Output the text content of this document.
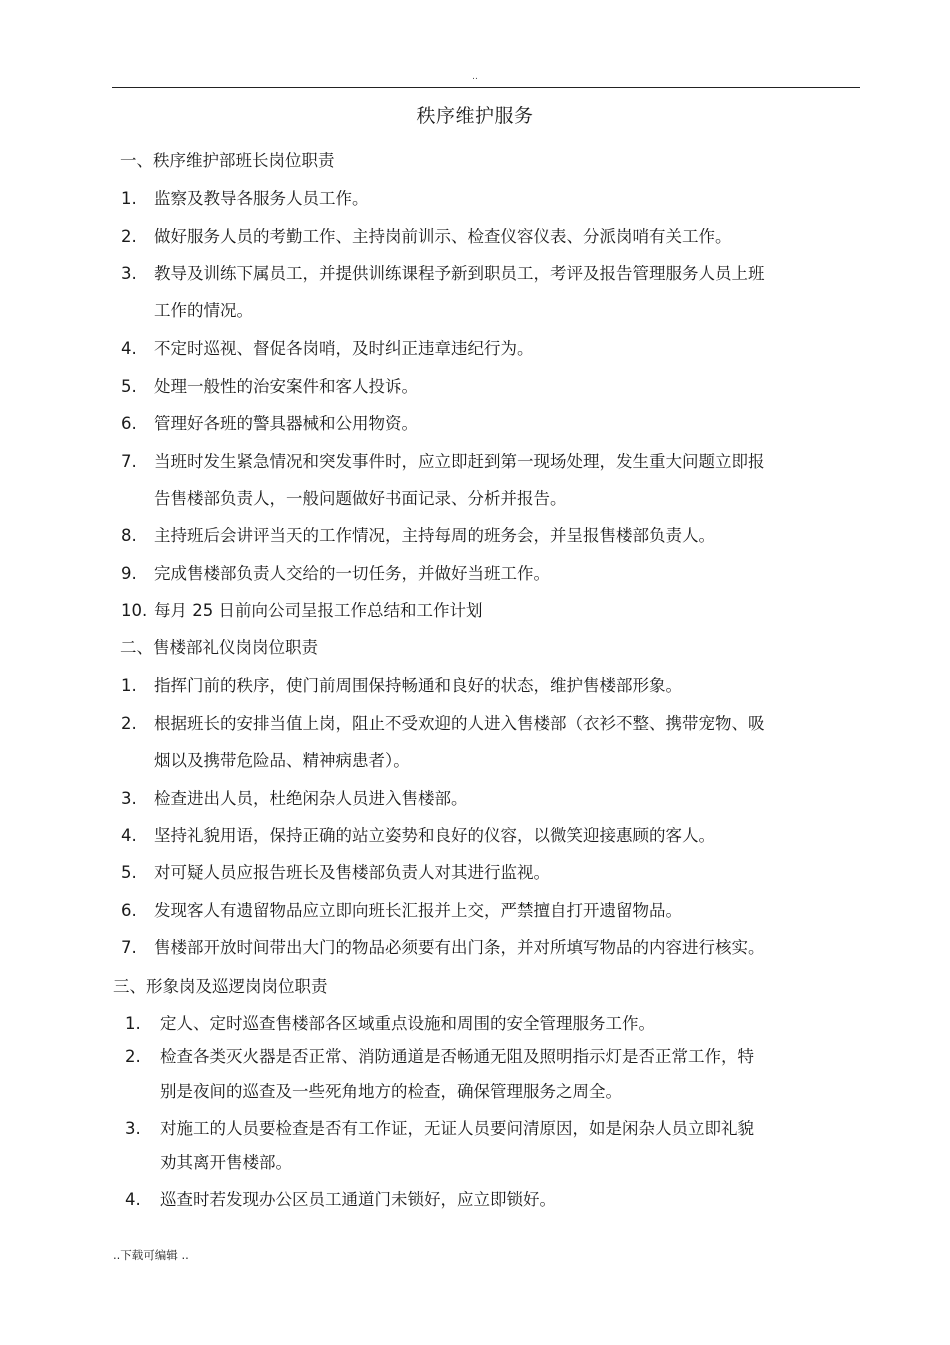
..
秩序维护服务
一、秩序维护部班长岗位职责
1. 监察及教导各服务人员工作。
2. 做好服务人员的考勤工作、主持岗前训示、检查仪容仪表、分派岗哨有关工作。
3. 教导及训练下属员工，并提供训练课程予新到职员工，考评及报告管理服务人员上班
工作的情况。
4. 不定时巡视、督促各岗哨，及时纠正违章违纪行为。
5. 处理一般性的治安案件和客人投诉。
6. 管理好各班的警具器械和公用物资。
7. 当班时发生紧急情况和突发事件时，应立即赶到第一现场处理，发生重大问题立即报
告售楼部负责人，一般问题做好书面记录、分析并报告。
8. 主持班后会讲评当天的工作情况，主持每周的班务会，并呈报售楼部负责人。
9. 完成售楼部负责人交给的一切任务，并做好当班工作。
10. 每月 25 日前向公司呈报工作总结和工作计划
二、售楼部礼仪岗岗位职责
1. 指挥门前的秩序，使门前周围保持畅通和良好的状态，维护售楼部形象。
2. 根据班长的安排当值上岗，阻止不受欢迎的人进入售楼部（衣衫不整、携带宠物、吸
烟以及携带危险品、精神病患者）。
3. 检查进出人员，杜绝闲杂人员进入售楼部。
4. 坚持礼貌用语，保持正确的站立姿势和良好的仪容，以微笑迎接惠顾的客人。
5. 对可疑人员应报告班长及售楼部负责人对其进行监视。
6. 发现客人有遗留物品应立即向班长汇报并上交，严禁擅自打开遗留物品。
7. 售楼部开放时间带出大门的物品必须要有出门条，并对所填写物品的内容进行核实。
三、形象岗及巡逻岗岗位职责
1. 定人、定时巡查售楼部各区域重点设施和周围的安全管理服务工作。
2. 检查各类灭火器是否正常、消防通道是否畅通无阻及照明指示灯是否正常工作，特
别是夜间的巡查及一些死角地方的检查，确保管理服务之周全。
3. 对施工的人员要检查是否有工作证，无证人员要问清原因，如是闲杂人员立即礼貌
劝其离开售楼部。
4. 巡查时若发现办公区员工通道门未锁好，应立即锁好。
..下载可编辑 ..
